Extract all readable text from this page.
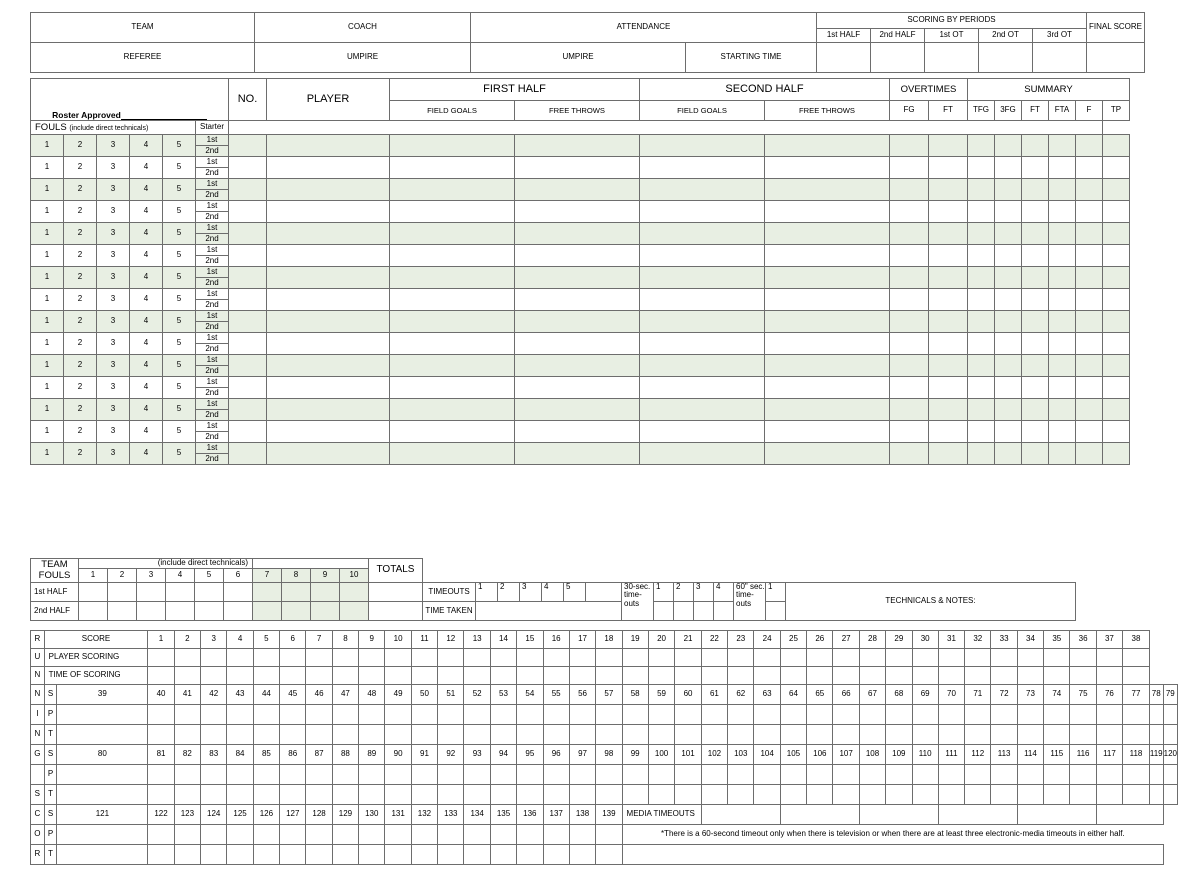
TEAM	COACH	ATTENDANCE		SCORING BY PERIODS					FINAL SCORE
				1st HALF	2nd HALF	1st OT	2nd OT	3rd OT	
REFEREE	UMPIRE	UMPIRE	STARTING TIME						
Roster Approved						NO.	PLAYER	FIRST HALF		SECOND HALF		OVERTIMES		SUMMARY					
								FIELD GOALS	FREE THROWS	FIELD GOALS	FREE THROWS	FG	FT	TFG	3FG	FT	FTA	F	TP
FOULS (include direct technicals)					Starter														
1	2	3	4	5	1st														
					2nd														
1	2	3	4	5	1st														
					2nd														
1	2	3	4	5	1st														
					2nd														
1	2	3	4	5	1st														
					2nd														
1	2	3	4	5	1st														
					2nd														
1	2	3	4	5	1st														
					2nd														
1	2	3	4	5	1st														
					2nd														
1	2	3	4	5	1st														
					2nd														
1	2	3	4	5	1st														
					2nd														
1	2	3	4	5	1st														
					2nd														
1	2	3	4	5	1st														
					2nd														
1	2	3	4	5	1st														
					2nd														
1	2	3	4	5	1st														
					2nd														
1	2	3	4	5	1st														
					2nd														
1	2	3	4	5	1st														
					2nd														
TEAM
FOULS	(include direct technicals)										TOTALS															
	1	2	3	4	5	6	7	8	9	10																
1st HALF												TIMEOUTS	1	2	3	4	5		30-sec. time-outs	1	2	3	4	60" sec. time-outs	1	TECHNICALS & NOTES:
2nd HALF												TIME TAKEN														
R	SCORE		1	2	3	4	5	6	7	8	9	10	11	12	13	14	15	16	17	18	19	20	21	22	23	24	25	26	27	28	29	30	31	32	33	34	35	36	37	38		
U	PLAYER SCORING																																									
N	TIME OF SCORING																																									
N	S	39	40	41	42	43	44	45	46	47	48	49	50	51	52	53	54	55	56	57	58	59	60	61	62	63	64	65	66	67	68	69	70	71	72	73	74	75	76	77	78	79
I	P																																									
N	T																																									
G	S	80	81	82	83	84	85	86	87	88	89	90	91	92	93	94	95	96	97	98	99	100	101	102	103	104	105	106	107	108	109	110	111	112	113	114	115	116	117	118	119	120
	P																																									
S	T																																									
C	S	121	122	123	124	125	126	127	128	129	130	131	132	133	134	135	136	137	138	139	MEDIA TIMEOUTS																					
O	P																				*There is a 60-second timeout only when there is television or when there are at least three electronic-media timeouts in either half.																					
R	T																																									
